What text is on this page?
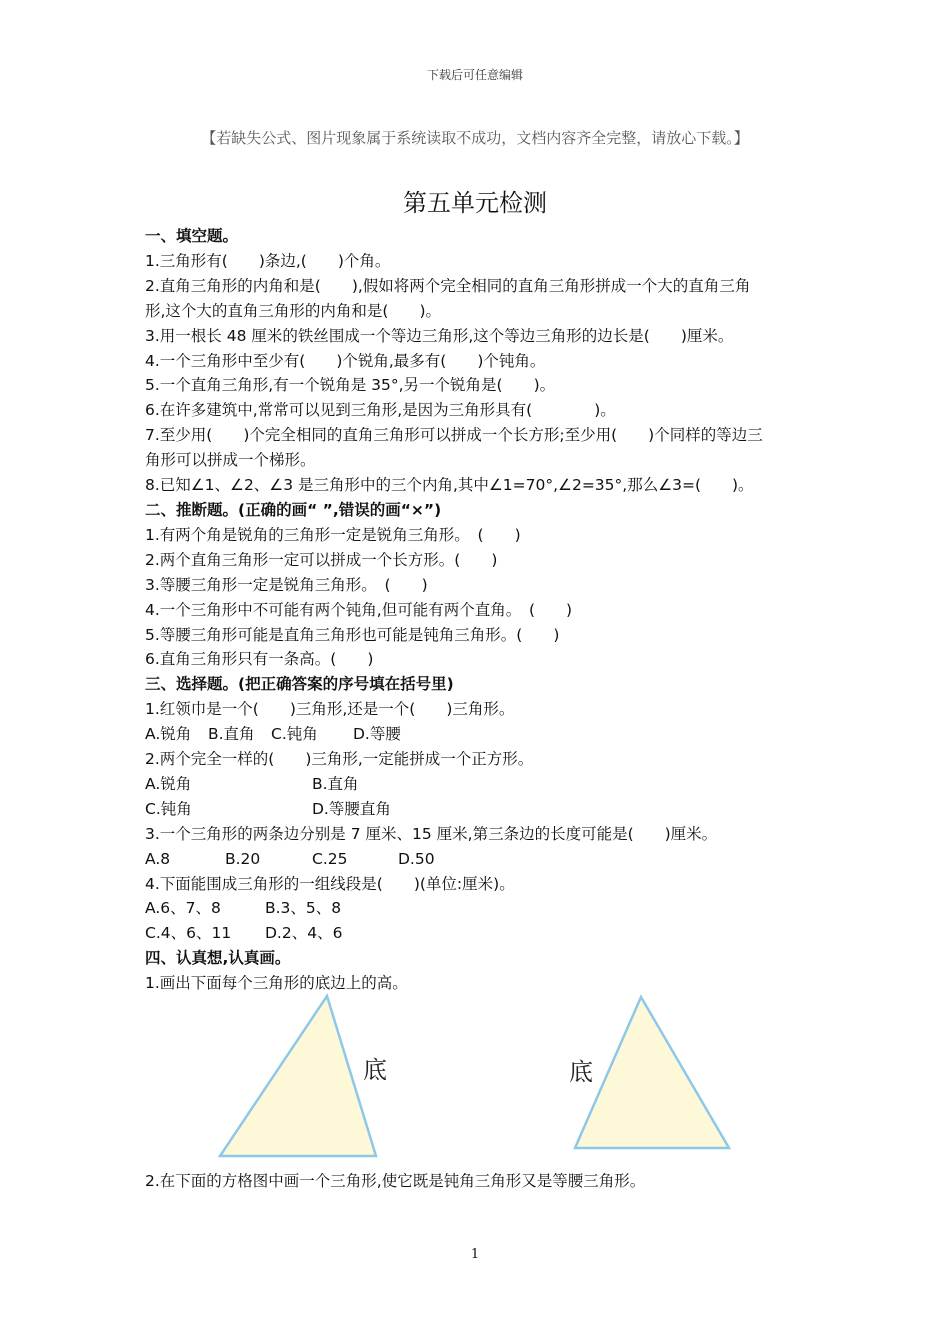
下载后可任意编辑
【若缺失公式、图片现象属于系统读取不成功，文档内容齐全完整，请放心下载。】
第五单元检测
一、填空题。
1.三角形有(　　)条边,(　　)个角。
2.直角三角形的内角和是(　　),假如将两个完全相同的直角三角形拼成一个大的直角三角
形,这个大的直角三角形的内角和是(　　)。
3.用一根长 48 厘米的铁丝围成一个等边三角形,这个等边三角形的边长是(　　)厘米。
4.一个三角形中至少有(　　)个锐角,最多有(　　)个钝角。
5.一个直角三角形,有一个锐角是 35°,另一个锐角是(　　)。
6.在许多建筑中,常常可以见到三角形,是因为三角形具有(　　　　)。
7.至少用(　　)个完全相同的直角三角形可以拼成一个长方形;至少用(　　)个同样的等边三
角形可以拼成一个梯形。
8.已知∠1、∠2、∠3 是三角形中的三个内角,其中∠1=70°,∠2=35°,那么∠3=(　　)。
二、推断题。(正确的画“ ”,错误的画“×”)
1.有两个角是锐角的三角形一定是锐角三角形。　(　　)
2.两个直角三角形一定可以拼成一个长方形。(　　)
3.等腰三角形一定是锐角三角形。　(　　)
4.一个三角形中不可能有两个钝角,但可能有两个直角。　(　　)
5.等腰三角形可能是直角三角形也可能是钝角三角形。(　　)
6.直角三角形只有一条高。(　　)
三、选择题。(把正确答案的序号填在括号里)
1.红领巾是一个(　　)三角形,还是一个(　　)三角形。
A.锐角	B.直角	C.钝角	D.等腰
2.两个完全一样的(　　)三角形,一定能拼成一个正方形。
A.锐角	B.直角
C.钝角	D.等腰直角
3.一个三角形的两条边分别是 7 厘米、15 厘米,第三条边的长度可能是(　　)厘米。
A.8	B.20	C.25	D.50
4.下面能围成三角形的一组线段是(　　)(单位:厘米)。
A.6、7、8	B.3、5、8
C.4、6、11	D.2、4、6
四、认真想,认真画。
1.画出下面每个三角形的底边上的高。
底	底
2.在下面的方格图中画一个三角形,使它既是钝角三角形又是等腰三角形。
1
